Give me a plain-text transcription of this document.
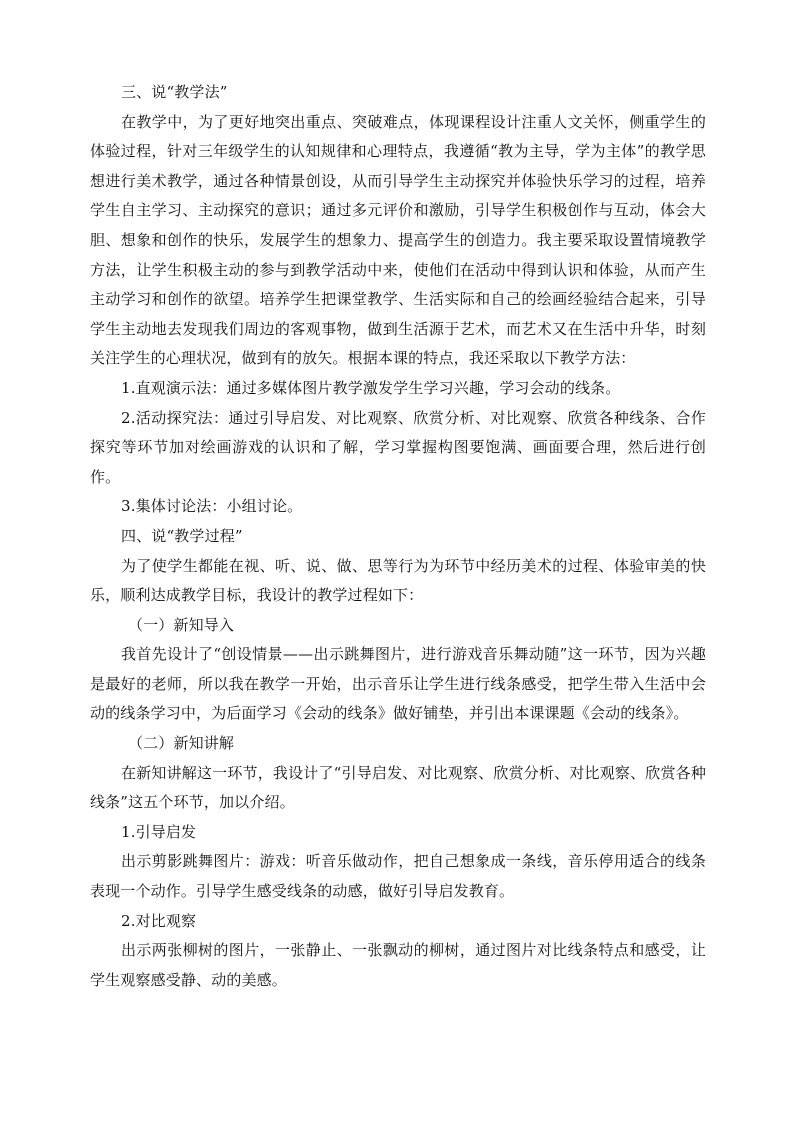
三、说“教学法”

在教学中，为了更好地突出重点、突破难点，体现课程设计注重人文关怀，侧重学生的体验过程，针对三年级学生的认知规律和心理特点，我遵循“教为主导，学为主体”的教学思想进行美术教学，通过各种情景创设，从而引导学生主动探究并体验快乐学习的过程，培养学生自主学习、主动探究的意识；通过多元评价和激励，引导学生积极创作与互动，体会大胆、想象和创作的快乐，发展学生的想象力、提高学生的创造力。我主要采取设置情境教学方法，让学生积极主动的参与到教学活动中来，使他们在活动中得到认识和体验，从而产生主动学习和创作的欲望。培养学生把课堂教学、生活实际和自己的绘画经验结合起来，引导学生主动地去发现我们周边的客观事物，做到生活源于艺术，而艺术又在生活中升华，时刻关注学生的心理状况，做到有的放矢。根据本课的特点，我还采取以下教学方法：

1.直观演示法：通过多媒体图片教学激发学生学习兴趣，学习会动的线条。

2.活动探究法：通过引导启发、对比观察、欣赏分析、对比观察、欣赏各种线条、合作探究等环节加对绘画游戏的认识和了解，学习掌握构图要饱满、画面要合理，然后进行创作。

3.集体讨论法：小组讨论。

四、说“教学过程”

为了使学生都能在视、听、说、做、思等行为为环节中经历美术的过程、体验审美的快乐，顺利达成教学目标，我设计的教学过程如下：

（一）新知导入

我首先设计了“创设情景——出示跳舞图片，进行游戏音乐舞动随”这一环节，因为兴趣是最好的老师，所以我在教学一开始，出示音乐让学生进行线条感受，把学生带入生活中会动的线条学习中，为后面学习《会动的线条》做好铺垫，并引出本课课题《会动的线条》。

（二）新知讲解

在新知讲解这一环节，我设计了“引导启发、对比观察、欣赏分析、对比观察、欣赏各种线条”这五个环节，加以介绍。

1.引导启发

出示剪影跳舞图片：游戏：听音乐做动作，把自己想象成一条线，音乐停用适合的线条表现一个动作。引导学生感受线条的动感，做好引导启发教育。

2.对比观察

出示两张柳树的图片，一张静止、一张飘动的柳树，通过图片对比线条特点和感受，让学生观察感受静、动的美感。
